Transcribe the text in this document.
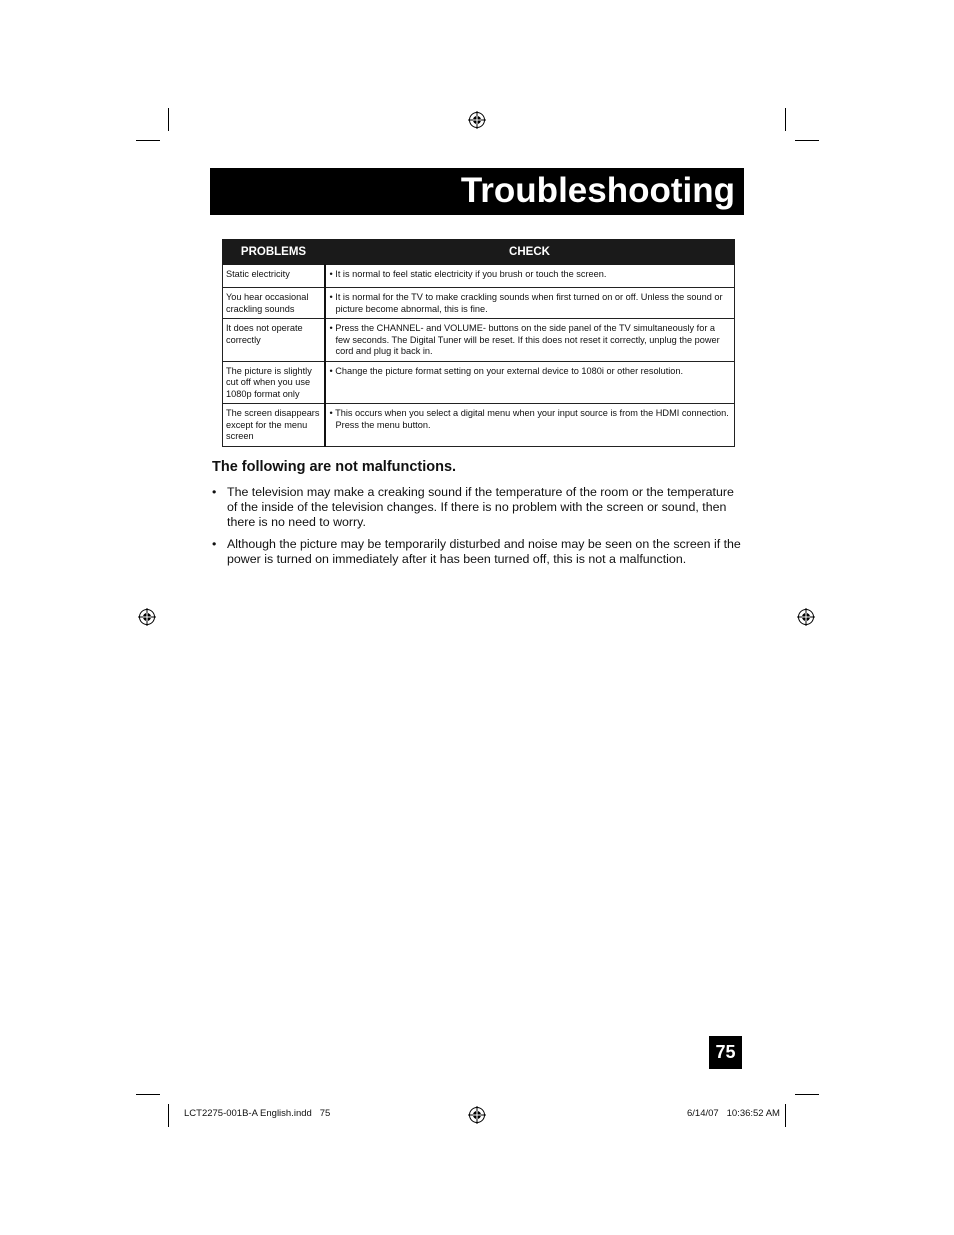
Troubleshooting
PROBLEMS	CHECK
Static electricity	• It is normal to feel static electricity if you brush or touch the screen.

You hear occasional crackling sounds	• It is normal for the TV to make crackling sounds when first turned on or off. Unless the sound or picture become abnormal, this is fine.

It does not operate correctly	• Press the CHANNEL- and VOLUME- buttons on the side panel of the TV simultaneously for a few seconds. The Digital Tuner will be reset. If this does not reset it correctly, unplug the power cord and plug it back in.

The picture is slightly cut off when you use 1080p format only	• Change the picture format setting on your external device to 1080i or other resolution.

The screen disappears except for the menu screen	• This occurs when you select a digital menu when your input source is from the HDMI connection. Press the menu button.
The following are not malfunctions.
• The television may make a creaking sound if the temperature of the room or the temperature of the inside of the television changes. If there is no problem with the screen or sound, then there is no need to worry.
• Although the picture may be temporarily disturbed and noise may be seen on the screen if the power is turned on immediately after it has been turned off, this is not a malfunction.
75
LCT2275-001B-A English.indd   75	6/14/07   10:36:52 AM
